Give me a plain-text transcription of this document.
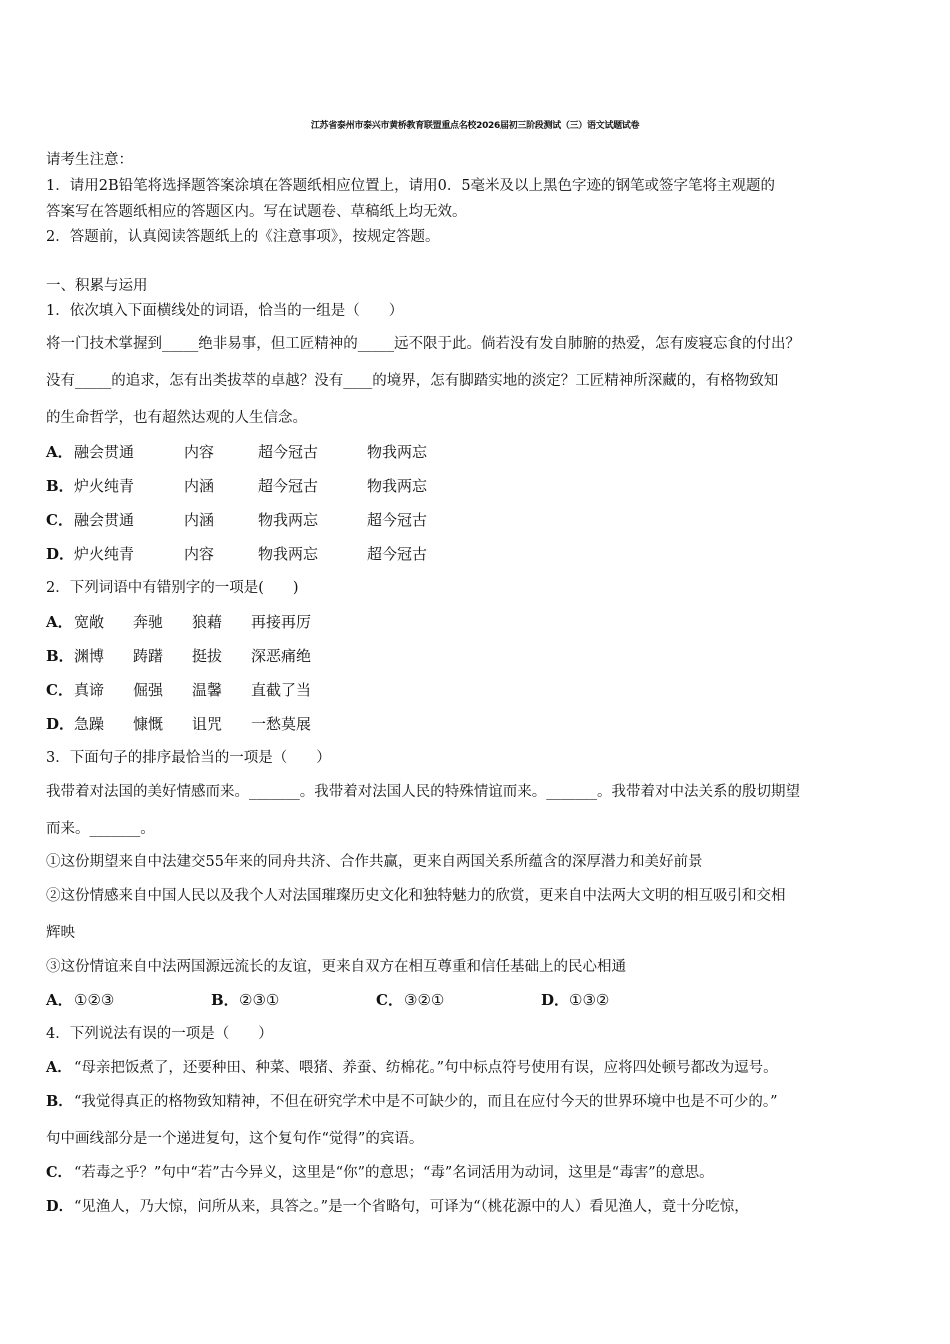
江苏省泰州市泰兴市黄桥教育联盟重点名校2026届初三阶段测试（三）语文试题试卷
请考生注意：
1．请用2B铅笔将选择题答案涂填在答题纸相应位置上，请用0．5毫米及以上黑色字迹的钢笔或签字笔将主观题的
答案写在答题纸相应的答题区内。写在试题卷、草稿纸上均无效。
2．答题前，认真阅读答题纸上的《注意事项》，按规定答题。
一、积累与运用
1．依次填入下面横线处的词语，恰当的一组是（　　）
将一门技术掌握到_____绝非易事，但工匠精神的_____远不限于此。倘若没有发自肺腑的热爱，怎有废寝忘食的付出？
没有_____的追求，怎有出类拔萃的卓越？没有____的境界，怎有脚踏实地的淡定？工匠精神所深藏的，有格物致知
的生命哲学，也有超然达观的人生信念。
A．融会贯通	内容	超今冠古	物我两忘
B．炉火纯青	内涵	超今冠古	物我两忘
C．融会贯通	内涵	物我两忘	超今冠古
D．炉火纯青	内容	物我两忘	超今冠古
2．下列词语中有错别字的一项是(　　)
A．宽敞 奔驰 狼藉 再接再厉
B．渊博 踌躇 挺拔 深恶痛绝
C．真谛 倔强 温馨 直截了当
D．急躁 慷慨 诅咒 一愁莫展
3．下面句子的排序最恰当的一项是（　　）
我带着对法国的美好情感而来。_______。我带着对法国人民的特殊情谊而来。_______。我带着对中法关系的殷切期望
而来。_______。
①这份期望来自中法建交55年来的同舟共济、合作共赢，更来自两国关系所蕴含的深厚潜力和美好前景
②这份情感来自中国人民以及我个人对法国璀璨历史文化和独特魅力的欣赏，更来自中法两大文明的相互吸引和交相
辉映
③这份情谊来自中法两国源远流长的友谊，更来自双方在相互尊重和信任基础上的民心相通
A．①②③	B．②③①	C．③②①	D．①③②
4．下列说法有误的一项是（　　）
A． “母亲把饭煮了，还要种田、种菜、喂猪、养蚕、纺棉花。”句中标点符号使用有误，应将四处顿号都改为逗号。
B．“我觉得真正的格物致知精神，不但在研究学术中是不可缺少的，而且在应付今天的世界环境中也是不可少的。”
句中画线部分是一个递进复句，这个复句作“觉得”的宾语。
C． “若毒之乎？”句中“若”古今异义，这里是“你”的意思；“毒”名词活用为动词，这里是“毒害”的意思。
D．“见渔人，乃大惊，问所从来，具答之。”是一个省略句，可译为“（桃花源中的人）看见渔人，竟十分吃惊，
